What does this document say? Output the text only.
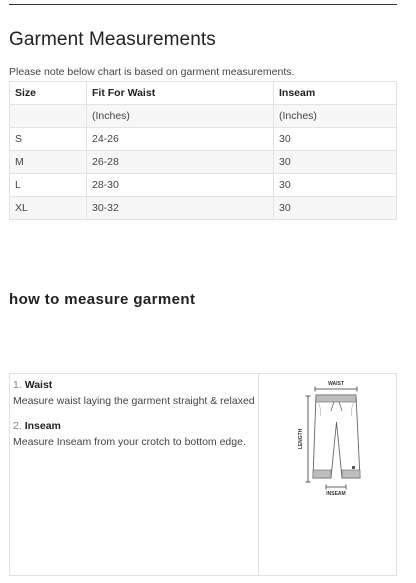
Garment Measurements

Please note below chart is based on garment measurements.

Size	Fit For Waist	Inseam
	(Inches)	(Inches)
S	24-26	30
M	26-28	30
L	28-30	30
XL	30-32	30
how to measure garment
1. Waist
Measure waist laying the garment straight & relaxed
2. Inseam
Measure Inseam from your crotch to bottom edge.
WAIST
LENGTH
INSEAM
